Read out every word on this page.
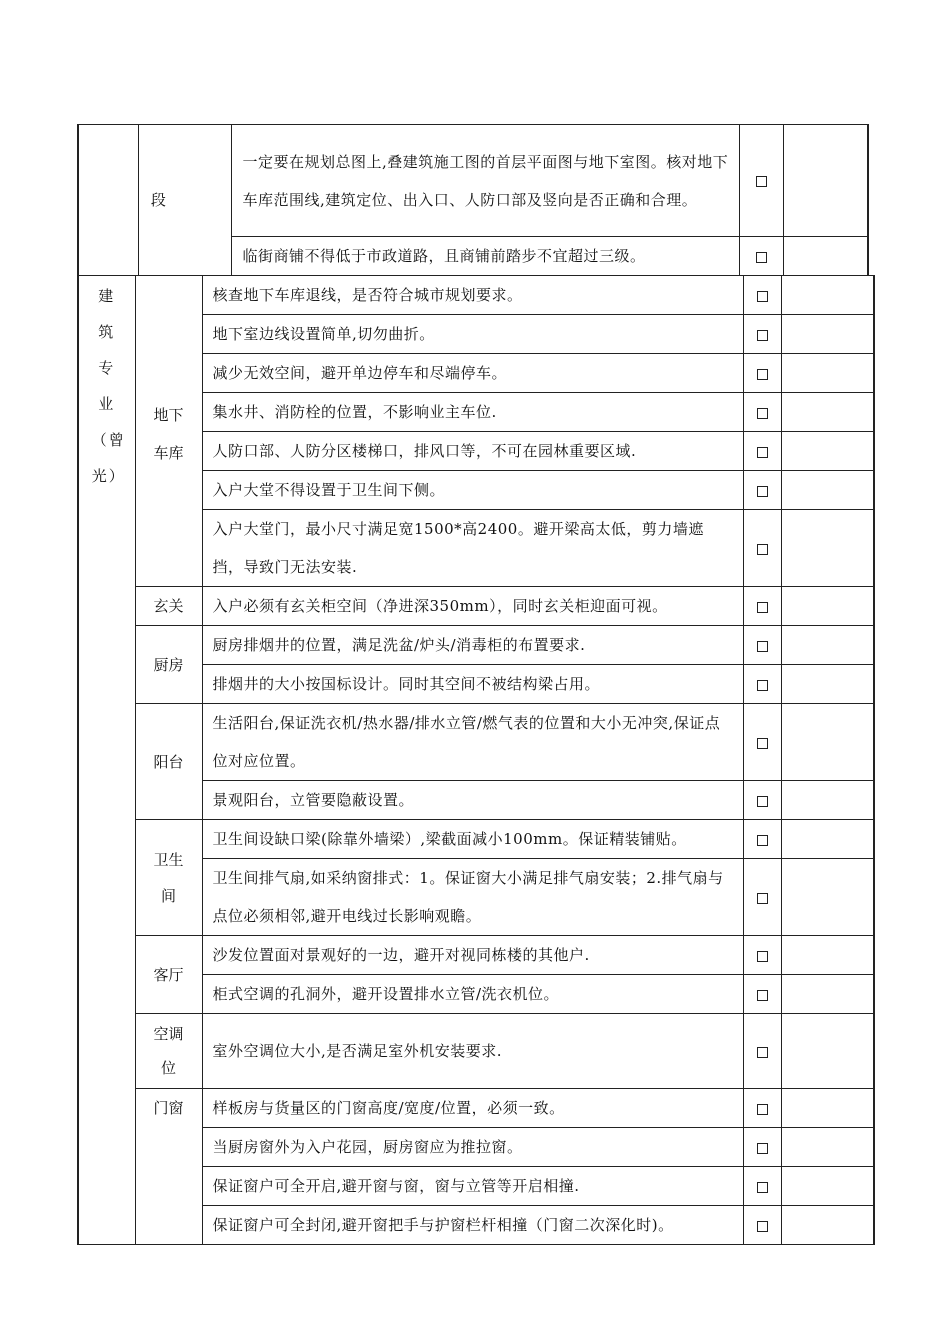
	段	一定要在规划总图上,叠建筑施工图的首层平面图与地下室图。核对地下车库范围线,建筑定位、出入口、人防口部及竖向是否正确和合理。		
		临街商铺不得低于市政道路，且商铺前踏步不宜超过三级。		
建筑专业（曾光）	地下车库	核查地下车库退线，是否符合城市规划要求。		
		地下室边线设置简单,切勿曲折。		
		减少无效空间，避开单边停车和尽端停车。		
		集水井、消防栓的位置，不影响业主车位.		
		人防口部、人防分区楼梯口，排风口等，不可在园林重要区域.		
		入户大堂不得设置于卫生间下侧。		
		入户大堂门，最小尺寸满足宽1500*高2400。避开梁高太低，剪力墙遮挡，导致门无法安装.		
	玄关	入户必须有玄关柜空间（净进深350mm），同时玄关柜迎面可视。		
	厨房	厨房排烟井的位置，满足洗盆/炉头/消毒柜的布置要求.		
		排烟井的大小按国标设计。同时其空间不被结构梁占用。		
	阳台	生活阳台,保证洗衣机/热水器/排水立管/燃气表的位置和大小无冲突,保证点位对应位置。		
		景观阳台，立管要隐蔽设置。		

	卫生间	卫生间设缺口梁(除靠外墙梁）,梁截面减小100mm。保证精装铺贴。		
		卫生间排气扇,如采纳窗排式：1。保证窗大小满足排气扇安装；2.排气扇与点位必须相邻,避开电线过长影响观瞻。		
	客厅	沙发位置面对景观好的一边，避开对视同栋楼的其他户.		
		柜式空调的孔洞外，避开设置排水立管/洗衣机位。		

	空调位	室外空调位大小,是否满足室外机安装要求.		
	门窗	样板房与货量区的门窗高度/宽度/位置，必须一致。		
		当厨房窗外为入户花园，厨房窗应为推拉窗。		
		保证窗户可全开启,避开窗与窗，窗与立管等开启相撞.		
		保证窗户可全封闭,避开窗把手与护窗栏杆相撞（门窗二次深化时)。		
